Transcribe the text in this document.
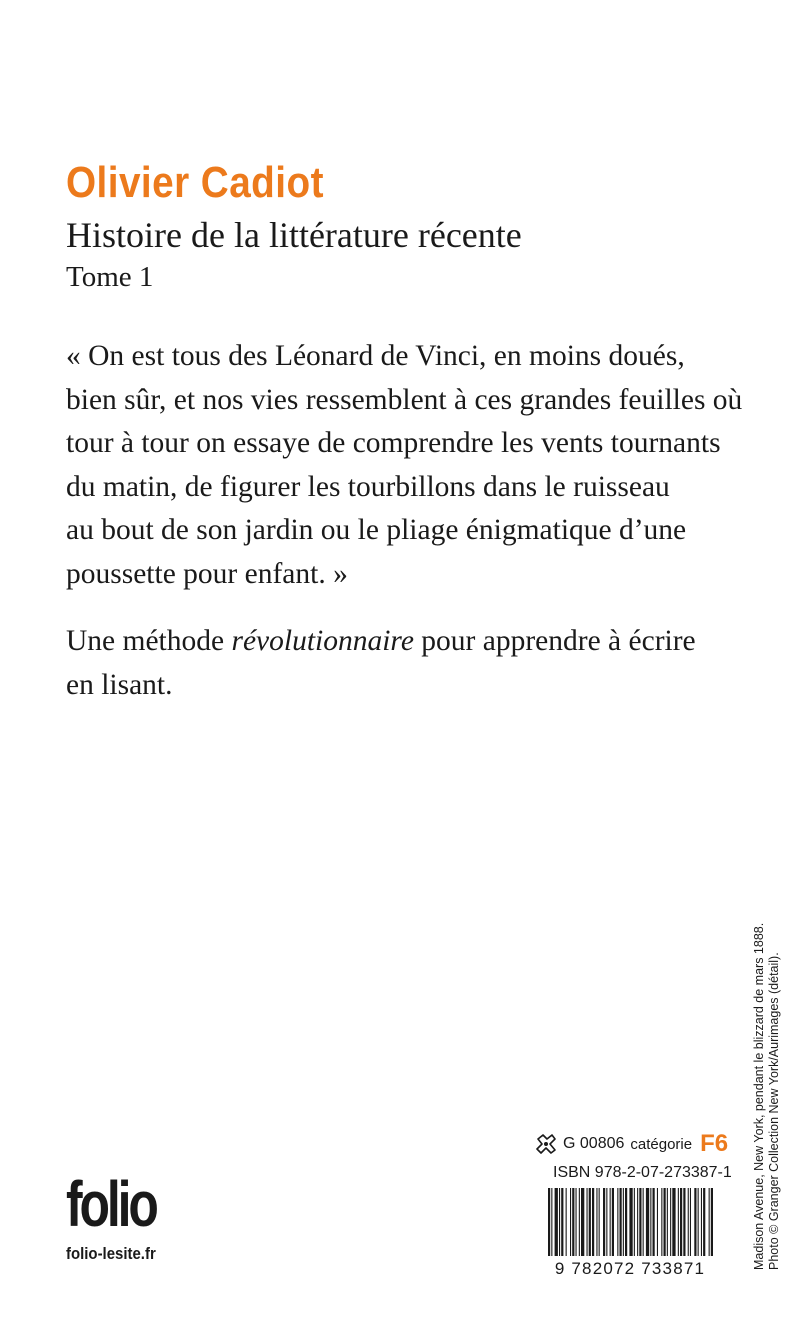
Olivier Cadiot
Histoire de la littérature récente
Tome 1

« On est tous des Léonard de Vinci, en moins doués,
bien sûr, et nos vies ressemblent à ces grandes feuilles où
tour à tour on essaye de comprendre les vents tournants
du matin, de figurer les tourbillons dans le ruisseau
au bout de son jardin ou le pliage énigmatique d’une
poussette pour enfant. »

Une méthode révolutionnaire pour apprendre à écrire
en lisant.

folio
folio-lesite.fr
G 00806 catégorie F6
ISBN 978-2-07-273387-1
9 782072 733871	Madison Avenue, New York, pendant le blizzard de mars 1888. Photo © Granger Collection New York/Aurimages (détail).
